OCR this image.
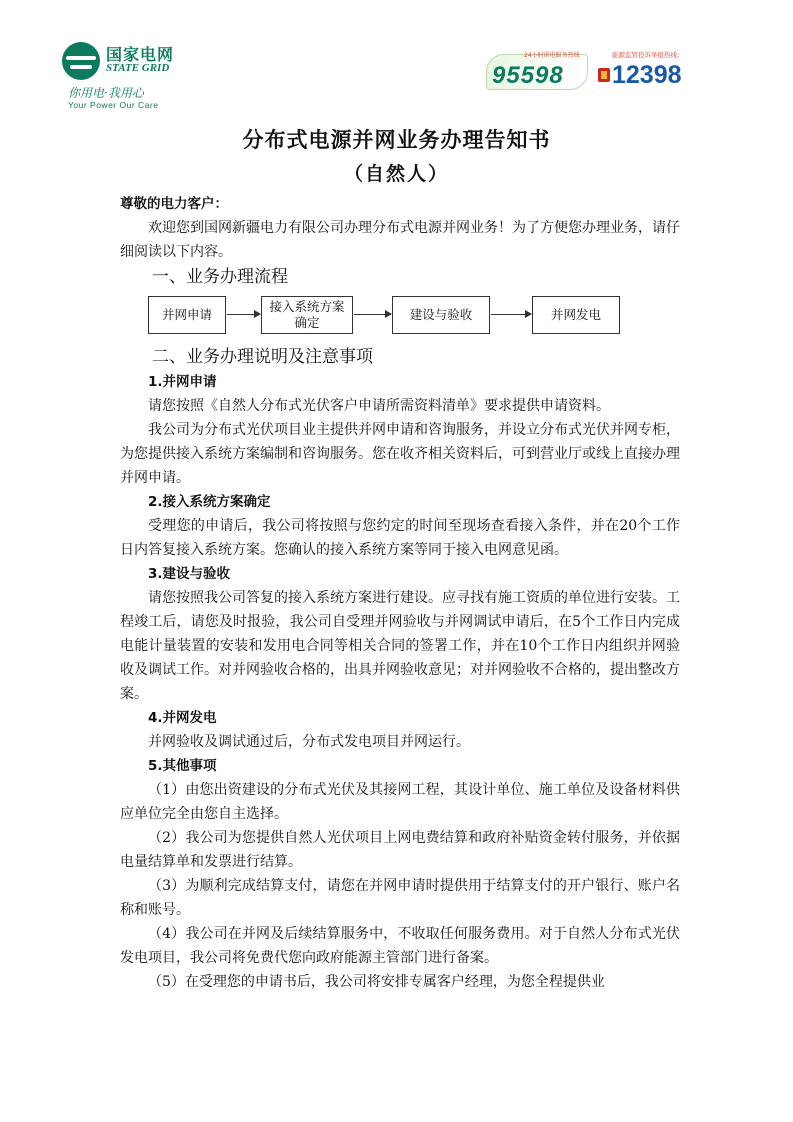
国家电网
STATE GRID
你用电·我用心
Your Power Our Care
24小时供电服务热线
95598
能源监管投诉举报热线：
12398
分布式电源并网业务办理告知书
（自然人）

尊敬的电力客户：

欢迎您到国网新疆电力有限公司办理分布式电源并网业务！为了方便您办理业务，请仔细阅读以下内容。

一、业务办理流程
并网申请
接入系统方案确定
建设与验收	并网发电
二、业务办理说明及注意事项
1.并网申请

请您按照《自然人分布式光伏客户申请所需资料清单》要求提供申请资料。

我公司为分布式光伏项目业主提供并网申请和咨询服务，并设立分布式光伏并网专柜，为您提供接入系统方案编制和咨询服务。您在收齐相关资料后，可到营业厅或线上直接办理并网申请。

2.接入系统方案确定

受理您的申请后，我公司将按照与您约定的时间至现场查看接入条件，并在20个工作日内答复接入系统方案。您确认的接入系统方案等同于接入电网意见函。

3.建设与验收

请您按照我公司答复的接入系统方案进行建设。应寻找有施工资质的单位进行安装。工程竣工后，请您及时报验，我公司自受理并网验收与并网调试申请后，在5个工作日内完成电能计量装置的安装和发用电合同等相关合同的签署工作，并在10个工作日内组织并网验收及调试工作。对并网验收合格的，出具并网验收意见；对并网验收不合格的，提出整改方案。

4.并网发电

并网验收及调试通过后，分布式发电项目并网运行。

5.其他事项

（1）由您出资建设的分布式光伏及其接网工程，其设计单位、施工单位及设备材料供应单位完全由您自主选择。

（2）我公司为您提供自然人光伏项目上网电费结算和政府补贴资金转付服务，并依据电量结算单和发票进行结算。

（3）为顺利完成结算支付，请您在并网申请时提供用于结算支付的开户银行、账户名称和账号。

（4）我公司在并网及后续结算服务中，不收取任何服务费用。对于自然人分布式光伏发电项目，我公司将免费代您向政府能源主管部门进行备案。

（5）在受理您的申请书后，我公司将安排专属客户经理，为您全程提供业
